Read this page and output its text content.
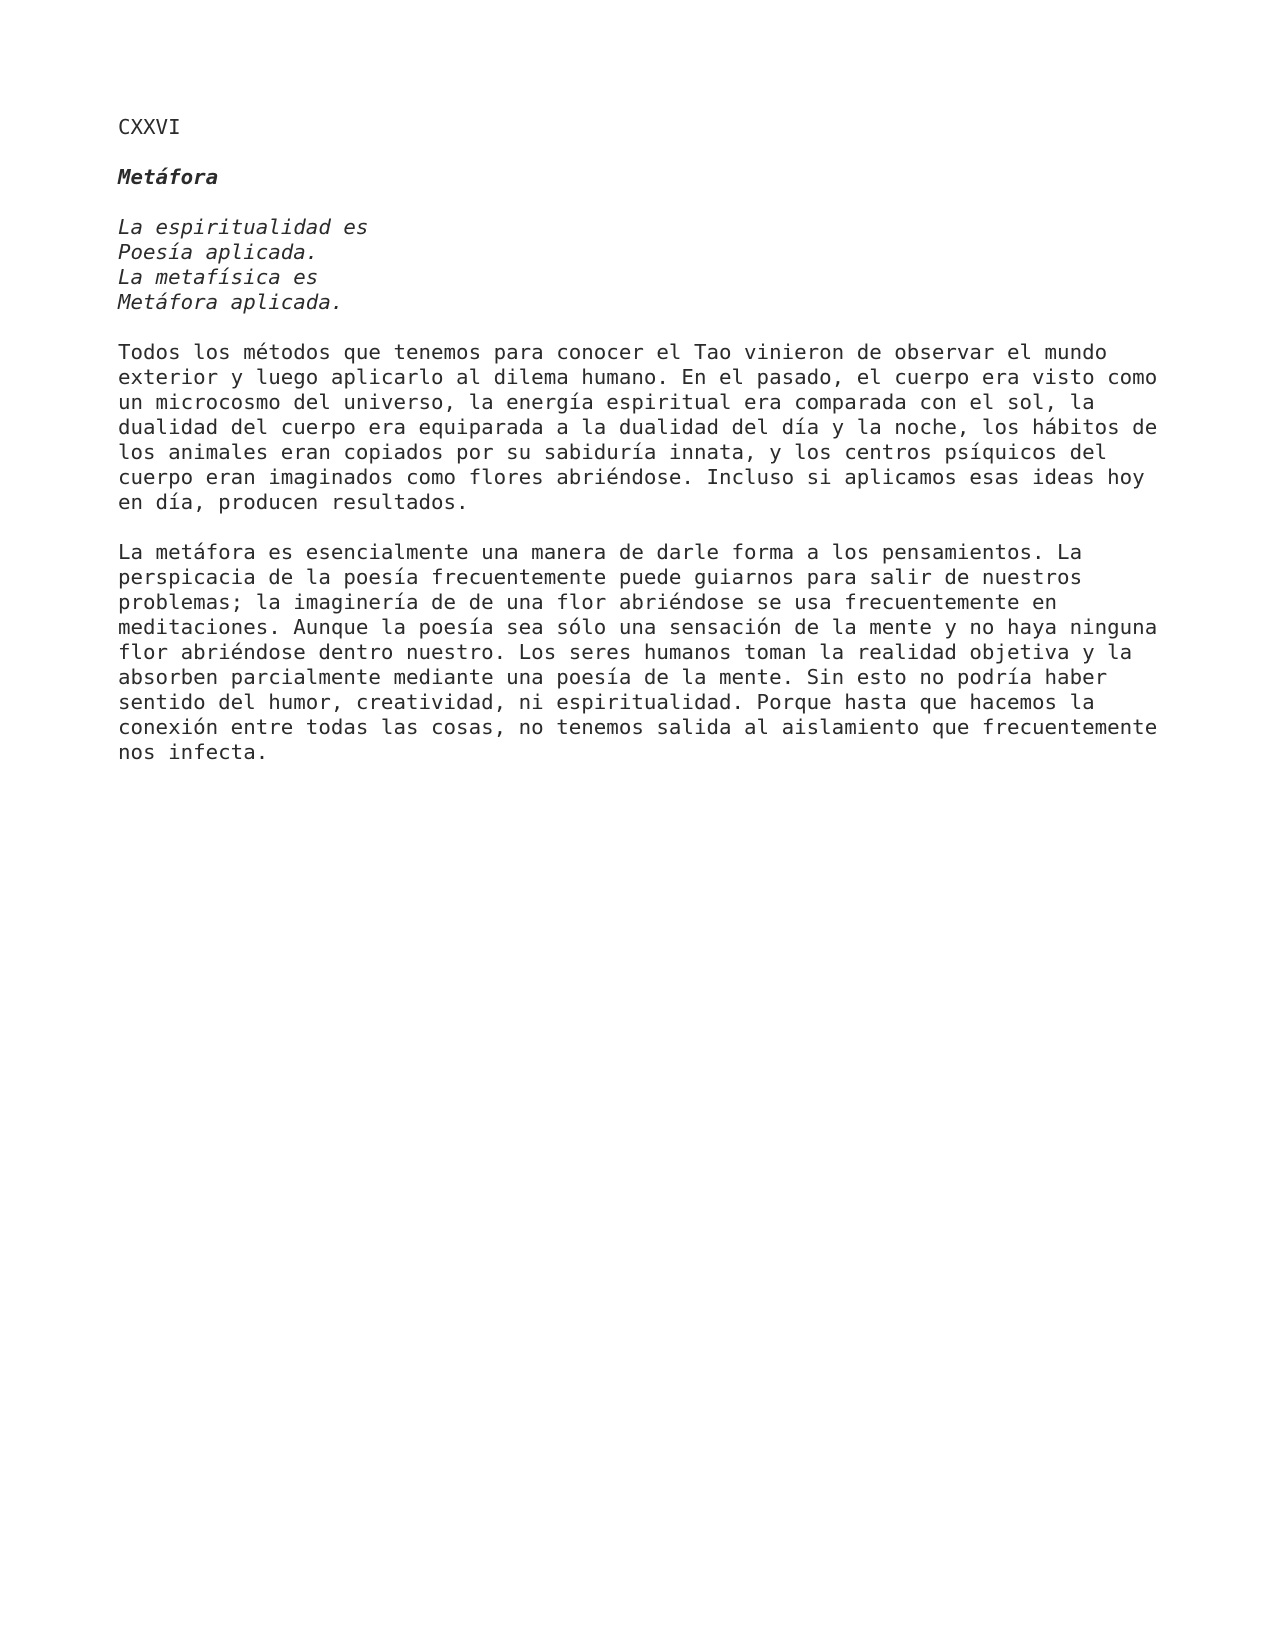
CXXVI
Metáfora
La espiritualidad es
Poesía aplicada.
La metafísica es
Metáfora aplicada.
Todos los métodos que tenemos para conocer el Tao vinieron de observar el mundo
exterior y luego aplicarlo al dilema humano. En el pasado, el cuerpo era visto como
un microcosmo del universo, la energía espiritual era comparada con el sol, la
dualidad del cuerpo era equiparada a la dualidad del día y la noche, los hábitos de
los animales eran copiados por su sabiduría innata, y los centros psíquicos del
cuerpo eran imaginados como flores abriéndose. Incluso si aplicamos esas ideas hoy
en día, producen resultados.
La metáfora es esencialmente una manera de darle forma a los pensamientos. La
perspicacia de la poesía frecuentemente puede guiarnos para salir de nuestros
problemas; la imaginería de de una flor abriéndose se usa frecuentemente en
meditaciones. Aunque la poesía sea sólo una sensación de la mente y no haya ninguna
flor abriéndose dentro nuestro. Los seres humanos toman la realidad objetiva y la
absorben parcialmente mediante una poesía de la mente. Sin esto no podría haber
sentido del humor, creatividad, ni espiritualidad. Porque hasta que hacemos la
conexión entre todas las cosas, no tenemos salida al aislamiento que frecuentemente
nos infecta.
